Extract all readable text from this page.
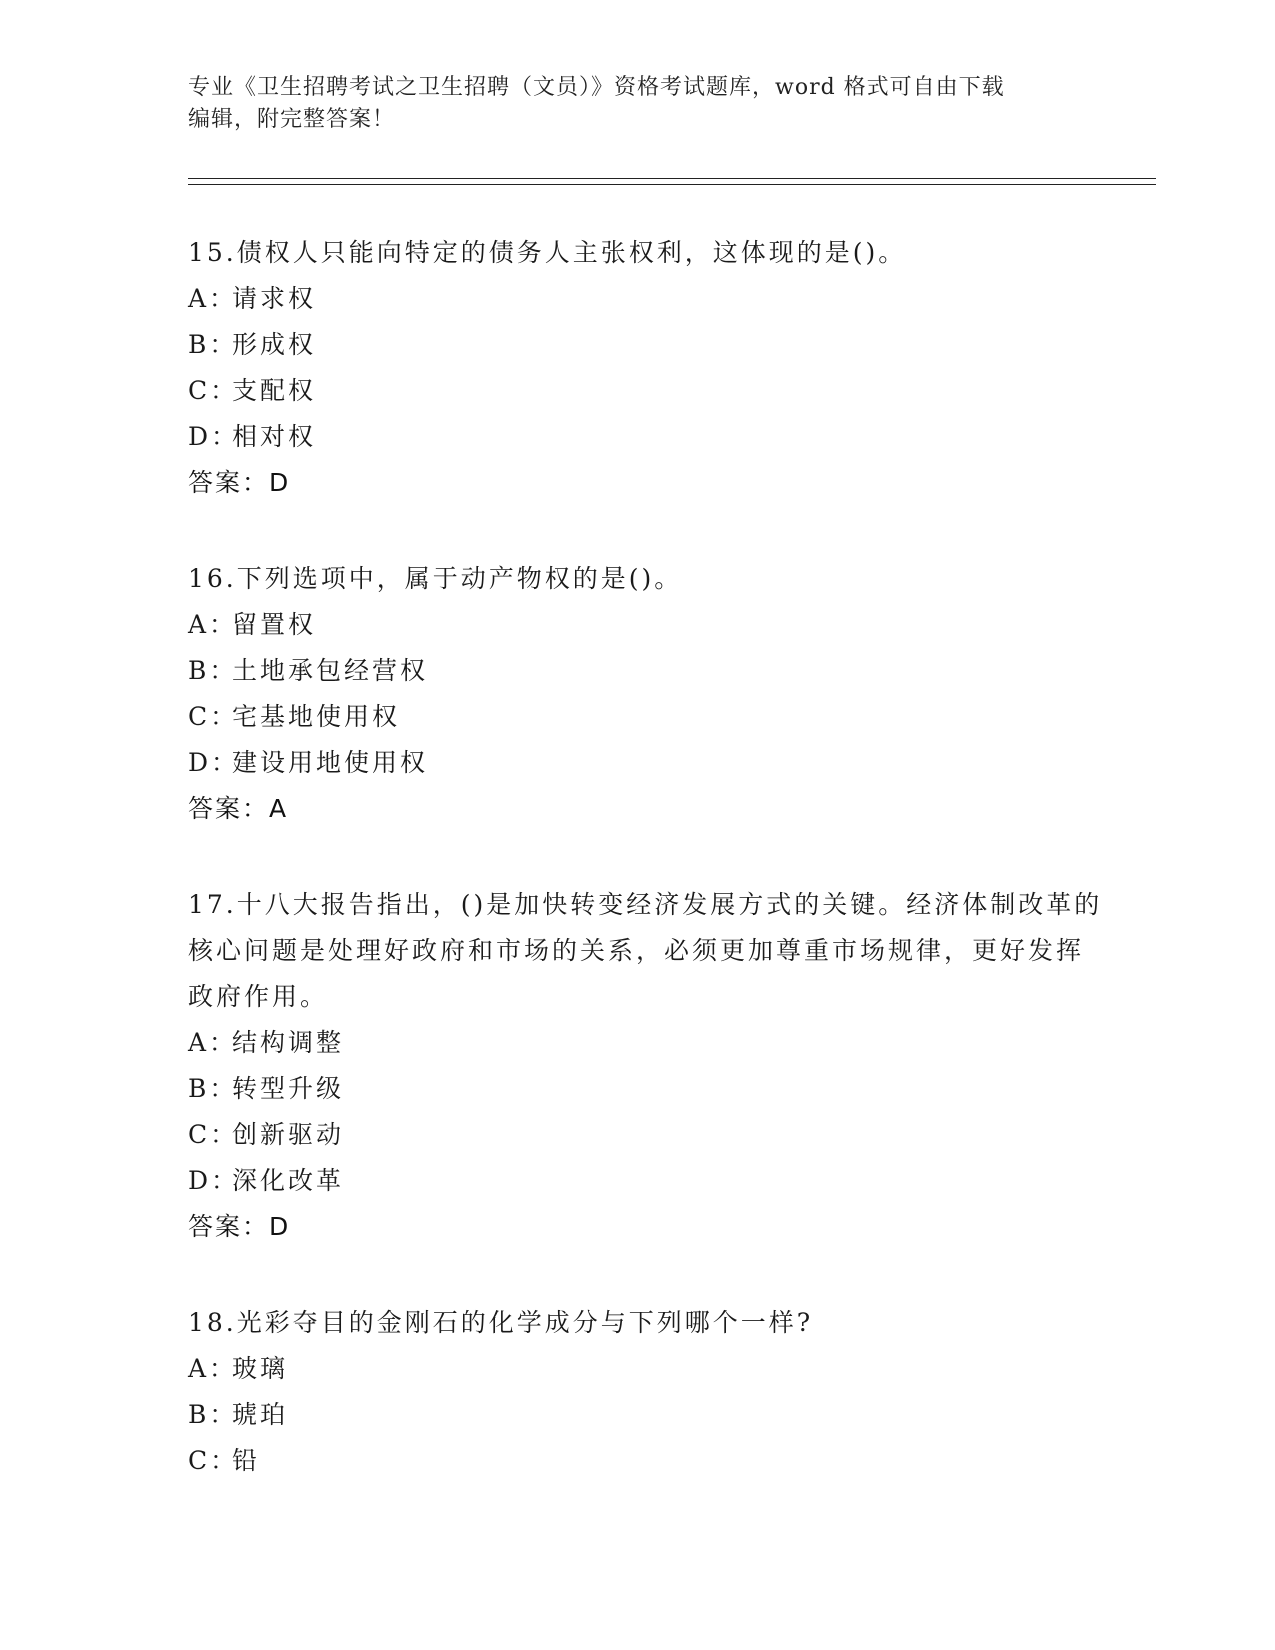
专业《卫生招聘考试之卫生招聘（文员）》资格考试题库，word 格式可自由下载
编辑，附完整答案！
15.债权人只能向特定的债务人主张权利，这体现的是()。
A：请求权
B：形成权
C：支配权
D：相对权
答案：D
16.下列选项中，属于动产物权的是()。
A：留置权
B：土地承包经营权
C：宅基地使用权
D：建设用地使用权
答案：A
17.十八大报告指出，()是加快转变经济发展方式的关键。经济体制改革的核心问题是处理好政府和市场的关系，必须更加尊重市场规律，更好发挥政府作用。
A：结构调整
B：转型升级
C：创新驱动
D：深化改革
答案：D
18.光彩夺目的金刚石的化学成分与下列哪个一样?
A：玻璃
B：琥珀
C：铅
